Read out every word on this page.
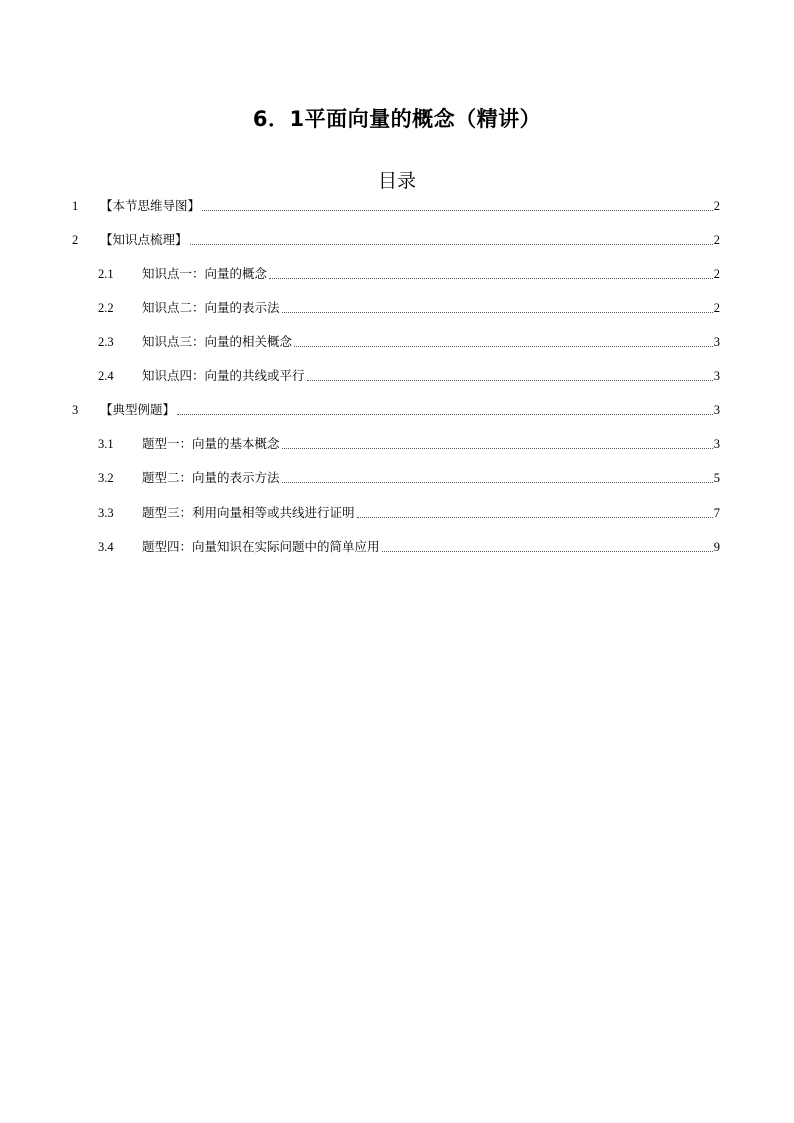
6．1平面向量的概念（精讲）
目录
1 【本节思维导图】	2
2 【知识点梳理】	2
2.1 知识点一：向量的概念	2
2.2 知识点二：向量的表示法	2
2.3 知识点三：向量的相关概念	3
2.4 知识点四：向量的共线或平行	3
3 【典型例题】	3
3.1 题型一：向量的基本概念	3
3.2 题型二：向量的表示方法	5
3.3 题型三：利用向量相等或共线进行证明	7
3.4 题型四：向量知识在实际问题中的简单应用	9
